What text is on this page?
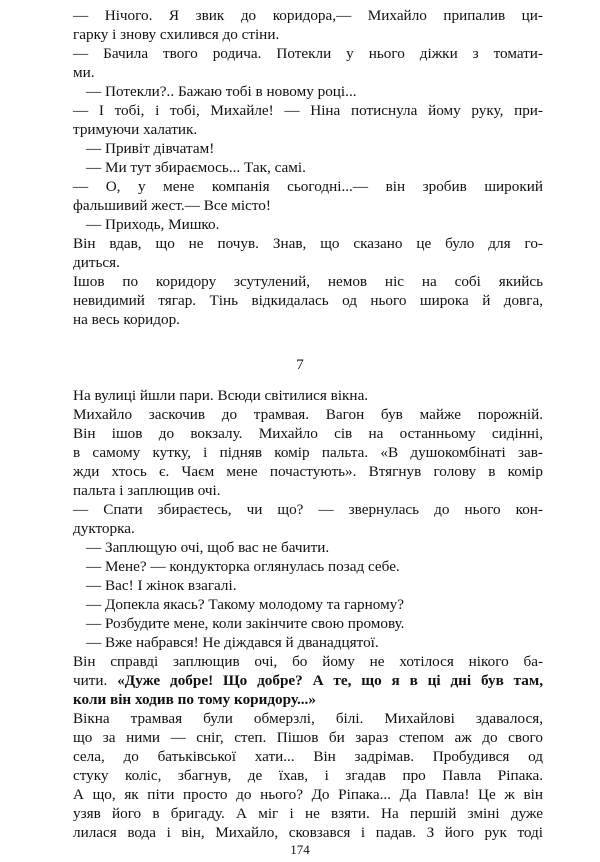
— Нічого. Я звик до коридора,— Михайло припалив ци-
гарку і знову схилився до стіни.
— Бачила твого родича. Потекли у нього діжки з томати-
ми.
— Потекли?.. Бажаю тобі в новому році...
— І тобі, і тобі, Михайле! — Ніна потиснула йому руку, при-
тримуючи халатик.
— Привіт дівчатам!
— Ми тут збираємось... Так, самі.
— О, у мене компанія сьогодні...— він зробив широкий
фальшивий жест.— Все місто!
— Приходь, Мишко.
Він вдав, що не почув. Знав, що сказано це було для го-
диться.
Ішов по коридору зсутулений, немов ніс на собі якийсь
невидимий тягар. Тінь відкидалась од нього широка й довга,
на весь коридор.
7
На вулиці йшли пари. Всюди світилися вікна.
Михайло заскочив до трамвая. Вагон був майже порожній.
Він ішов до вокзалу. Михайло сів на останньому сидінні,
в самому кутку, і підняв комір пальта. «В душокомбінаті зав-
жди хтось є. Чаєм мене почастують». Втягнув голову в комір
пальта і заплющив очі.
— Спати збираєтесь, чи що? — звернулась до нього кон-
дукторка.
— Заплющую очі, щоб вас не бачити.
— Мене? — кондукторка оглянулась позад себе.
— Вас! І жінок взагалі.
— Допекла якась? Такому молодому та гарному?
— Розбудите мене, коли закінчите свою промову.
— Вже набрався! Не діждався й дванадцятої.
Він справді заплющив очі, бо йому не хотілося нікого ба-
чити. «Дуже добре! Що добре? А те, що я в ці дні був там,
коли він ходив по тому коридору...»
Вікна трамвая були обмерзлі, білі. Михайлові здавалося,
що за ними — сніг, степ. Пішов би зараз степом аж до свого
села, до батьківської хати... Він задрімав. Пробудився од
стуку коліс, збагнув, де їхав, і згадав про Павла Ріпака.
А що, як піти просто до нього? До Ріпака... Да Павла! Це ж він
узяв його в бригаду. А міг і не взяти. На першій зміні дуже
лилася вода і він, Михайло, сковзався і падав. З його рук тоді
174
